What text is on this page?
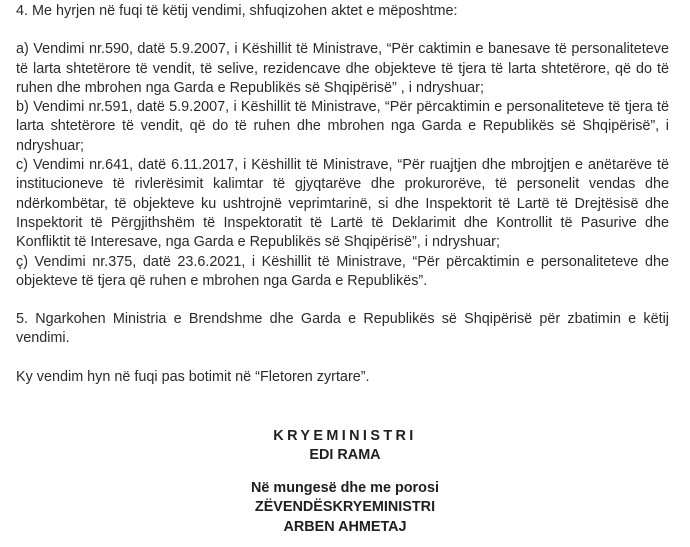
4. Me hyrjen në fuqi të këtij vendimi, shfuqizohen aktet e mëposhtme:

a) Vendimi nr.590, datë 5.9.2007, i Këshillit të Ministrave, “Për caktimin e banesave të personaliteteve të larta shtetërore të vendit, të selive, rezidencave dhe objekteve të tjera të larta shtetërore, që do të ruhen dhe mbrohen nga Garda e Republikës së Shqipërisë” , i ndryshuar;

b) Vendimi nr.591, datë 5.9.2007, i Këshillit të Ministrave, “Për përcaktimin e personaliteteve të tjera të larta shtetërore të vendit, që do të ruhen dhe mbrohen nga Garda e Republikës së Shqipërisë”, i ndryshuar;

c) Vendimi nr.641, datë 6.11.2017, i Këshillit të Ministrave, “Për ruajtjen dhe mbrojtjen e anëtarëve të institucioneve të rivlerësimit kalimtar të gjyqtarëve dhe prokurorëve, të personelit vendas dhe ndërkombëtar, të objekteve ku ushtrojnë veprimtarinë, si dhe Inspektorit të Lartë të Drejtësisë dhe Inspektorit të Përgjithshëm të Inspektoratit të Lartë të Deklarimit dhe Kontrollit të Pasurive dhe Konfliktit të Interesave, nga Garda e Republikës së Shqipërisë”, i ndryshuar;

ç) Vendimi nr.375, datë 23.6.2021, i Këshillit të Ministrave, “Për përcaktimin e personaliteteve dhe objekteve të tjera që ruhen e mbrohen nga Garda e Republikës”.

5. Ngarkohen Ministria e Brendshme dhe Garda e Republikës së Shqipërisë për zbatimin e këtij vendimi.

Ky vendim hyn në fuqi pas botimit në “Fletoren zyrtare”.

KRYEMINISTRI
EDI RAMA
Në mungesë dhe me porosi
ZËVENDËSKRYEMINISTRI
ARBEN AHMETAJ
